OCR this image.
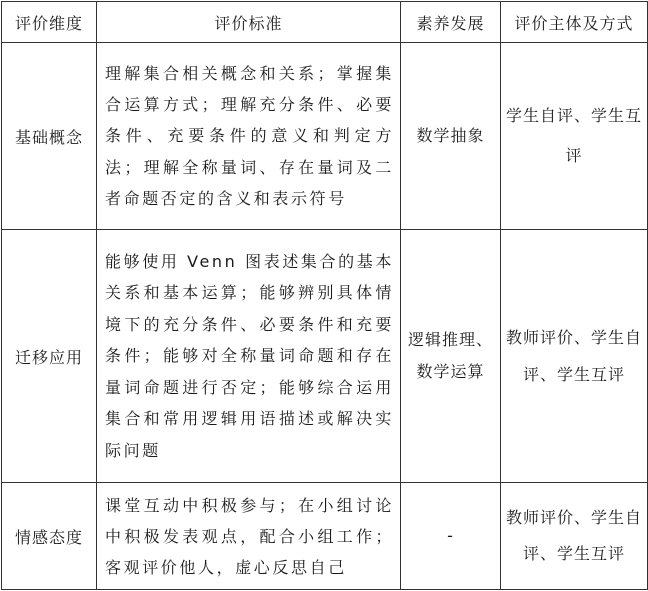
评价维度	评价标准	素养发展	评价主体及方式
基础概念	理解集合相关概念和关系；掌握集合运算方式；理解充分条件、必要条件、充要条件的意义和判定方法；理解全称量词、存在量词及二者命题否定的含义和表示符号	数学抽象	学生自评、学生互评
迁移应用	能够使用 Venn 图表述集合的基本关系和基本运算；能够辨别具体情境下的充分条件、必要条件和充要条件；能够对全称量词命题和存在量词命题进行否定；能够综合运用集合和常用逻辑用语描述或解决实际问题	逻辑推理、数学运算	教师评价、学生自评、学生互评
情感态度	课堂互动中积极参与；在小组讨论中积极发表观点，配合小组工作；客观评价他人，虚心反思自己	-	教师评价、学生自评、学生互评
